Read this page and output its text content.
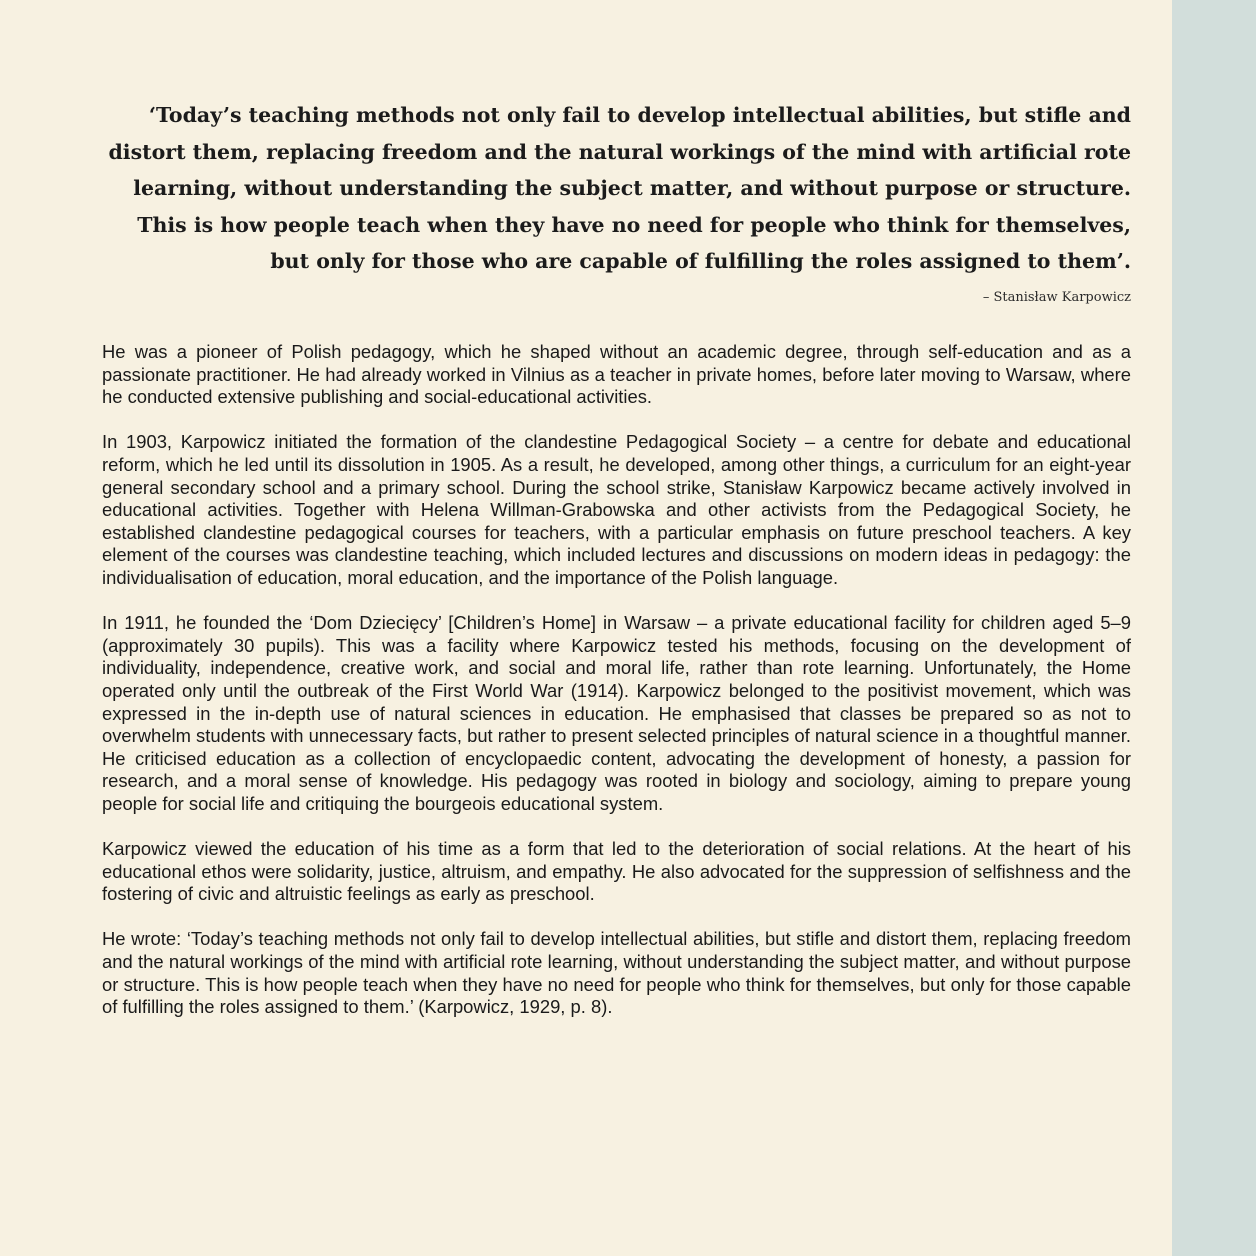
‘Today’s teaching methods not only fail to develop intellectual abilities, but stifle and distort them, replacing freedom and the natural workings of the mind with artificial rote learning, without understanding the subject matter, and without purpose or structure.

This is how people teach when they have no need for people who think for themselves, but only for those who are capable of fulfilling the roles assigned to them’.

– Stanisław Karpowicz

He was a pioneer of Polish pedagogy, which he shaped without an academic degree, through self-education and as a passionate practitioner. He had already worked in Vilnius as a teacher in private homes, before later moving to Warsaw, where he conducted extensive publishing and social-educational activities.

In 1903, Karpowicz initiated the formation of the clandestine Pedagogical Society – a centre for debate and educational reform, which he led until its dissolution in 1905. As a result, he developed, among other things, a curriculum for an eight-year general secondary school and a primary school. During the school strike, Stanisław Karpowicz became actively involved in educational activities. Together with Helena Willman-Grabowska and other activists from the Pedagogical Society, he established clandestine pedagogical courses for teachers, with a particular emphasis on future preschool teachers. A key element of the courses was clandestine teaching, which included lectures and discussions on modern ideas in pedagogy: the individualisation of education, moral education, and the importance of the Polish language.

In 1911, he founded the ‘Dom Dziecięcy’ [Children’s Home] in Warsaw – a private educational facility for children aged 5–9 (approximately 30 pupils). This was a facility where Karpowicz tested his methods, focusing on the development of individuality, independence, creative work, and social and moral life, rather than rote learning. Unfortunately, the Home operated only until the outbreak of the First World War (1914). Karpowicz belonged to the positivist movement, which was expressed in the in-depth use of natural sciences in education. He emphasised that classes be prepared so as not to overwhelm students with unnecessary facts, but rather to present selected principles of natural science in a thoughtful manner. He criticised education as a collection of encyclopaedic content, advocating the development of honesty, a passion for research, and a moral sense of knowledge. His pedagogy was rooted in biology and sociology, aiming to prepare young people for social life and critiquing the bourgeois educational system.

Karpowicz viewed the education of his time as a form that led to the deterioration of social relations. At the heart of his educational ethos were solidarity, justice, altruism, and empathy. He also advocated for the suppression of selfishness and the fostering of civic and altruistic feelings as early as preschool.

He wrote: ‘Today’s teaching methods not only fail to develop intellectual abilities, but stifle and distort them, replacing freedom and the natural workings of the mind with artificial rote learning, without understanding the subject matter, and without purpose or structure. This is how people teach when they have no need for people who think for themselves, but only for those capable of fulfilling the roles assigned to them.’ (Karpowicz, 1929, p. 8).
